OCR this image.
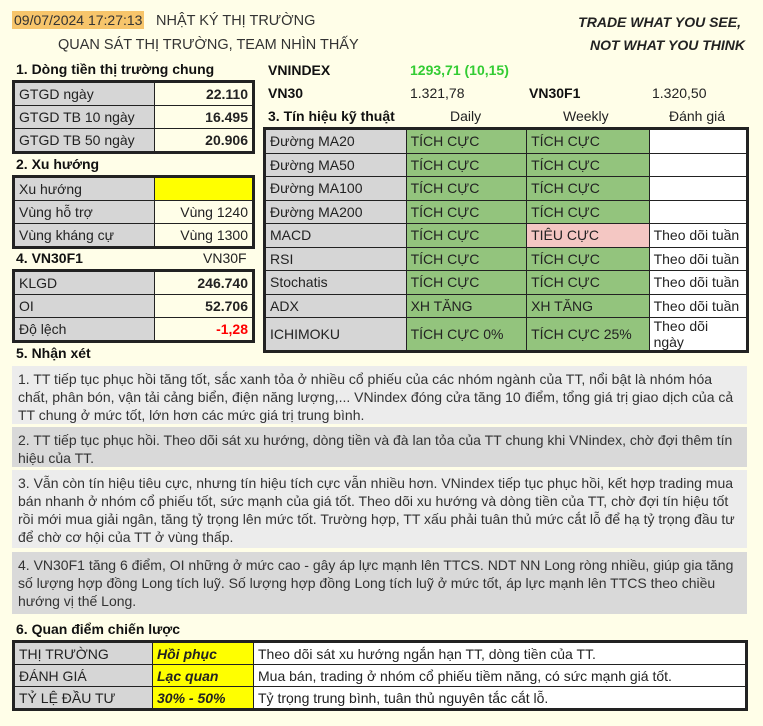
09/07/2024 17:27:13 NHẬT KÝ THỊ TRƯỜNG
QUAN SÁT THỊ TRƯỜNG, TEAM NHÌN THẤY
TRADE WHAT YOU SEE,
NOT WHAT YOU THINK
1. Dòng tiền thị trường chung
GTGD ngày	22.110
GTGD TB 10 ngày	16.495
GTGD TB 50 ngày	20.906
2. Xu hướng
Xu hướng	
Vùng hỗ trợ	Vùng 1240
Vùng kháng cự	Vùng 1300
4. VN30F1	VN30F
KLGD	246.740
OI	52.706
Độ lệch	-1,28
VNINDEX	1293,71 (10,15)
VN30	1.321,78	VN30F1	1.320,50
3. Tín hiệu kỹ thuật	Daily	Weekly	Đánh giá
Đường MA20	TÍCH CỰC	TÍCH CỰC	
Đường MA50	TÍCH CỰC	TÍCH CỰC	
Đường MA100	TÍCH CỰC	TÍCH CỰC	
Đường MA200	TÍCH CỰC	TÍCH CỰC	
MACD	TÍCH CỰC	TIÊU CỰC	Theo dõi tuần
RSI	TÍCH CỰC	TÍCH CỰC	Theo dõi tuần
Stochatis	TÍCH CỰC	TÍCH CỰC	Theo dõi tuần
ADX	XH TĂNG	XH TĂNG	Theo dõi tuần
ICHIMOKU	TÍCH CỰC 0%	TÍCH CỰC 25%	Theo dõi ngày
5. Nhận xét
1. TT tiếp tục phục hồi tăng tốt, sắc xanh tỏa ở nhiều cổ phiếu của các nhóm ngành của TT, nổi bật là nhóm hóa chất, phân bón, vận tải cảng biển, điện năng lượng,... VNindex đóng cửa tăng 10 điểm, tổng giá trị giao dịch của cả TT chung ở mức tốt, lớn hơn các mức giá trị trung bình.
2. TT tiếp tục phục hồi. Theo dõi sát xu hướng, dòng tiền và đà lan tỏa của TT chung khi VNindex, chờ đợi thêm tín hiệu của TT.
3. Vẫn còn tín hiệu tiêu cực, nhưng tín hiệu tích cực vẫn nhiều hơn. VNindex tiếp tục phục hồi, kết hợp trading mua bán nhanh ở nhóm cổ phiếu tốt, sức mạnh của giá tốt. Theo dõi xu hướng và dòng tiền của TT, chờ đợi tín hiệu tốt rồi mới mua giải ngân, tăng tỷ trọng lên mức tốt. Trường hợp, TT xấu phải tuân thủ mức cắt lỗ để hạ tỷ trọng đầu tư để chờ cơ hội của TT ở vùng thấp.
4. VN30F1 tăng 6 điểm, OI những ở mức cao - gây áp lực mạnh lên TTCS. NDT NN Long ròng nhiều, giúp gia tăng số lượng hợp đồng Long tích luỹ. Số lượng hợp đồng Long tích luỹ ở mức tốt, áp lực mạnh lên TTCS theo chiều hướng vị thế Long.
6. Quan điểm chiến lược
THỊ TRƯỜNG	Hồi phục	Theo dõi sát xu hướng ngắn hạn TT, dòng tiền của TT.
ĐÁNH GIÁ	Lạc quan	Mua bán, trading ở nhóm cổ phiếu tiềm năng, có sức mạnh giá tốt.
TỶ LỆ ĐẦU TƯ	30% - 50%	Tỷ trọng trung bình, tuân thủ nguyên tắc cắt lỗ.
